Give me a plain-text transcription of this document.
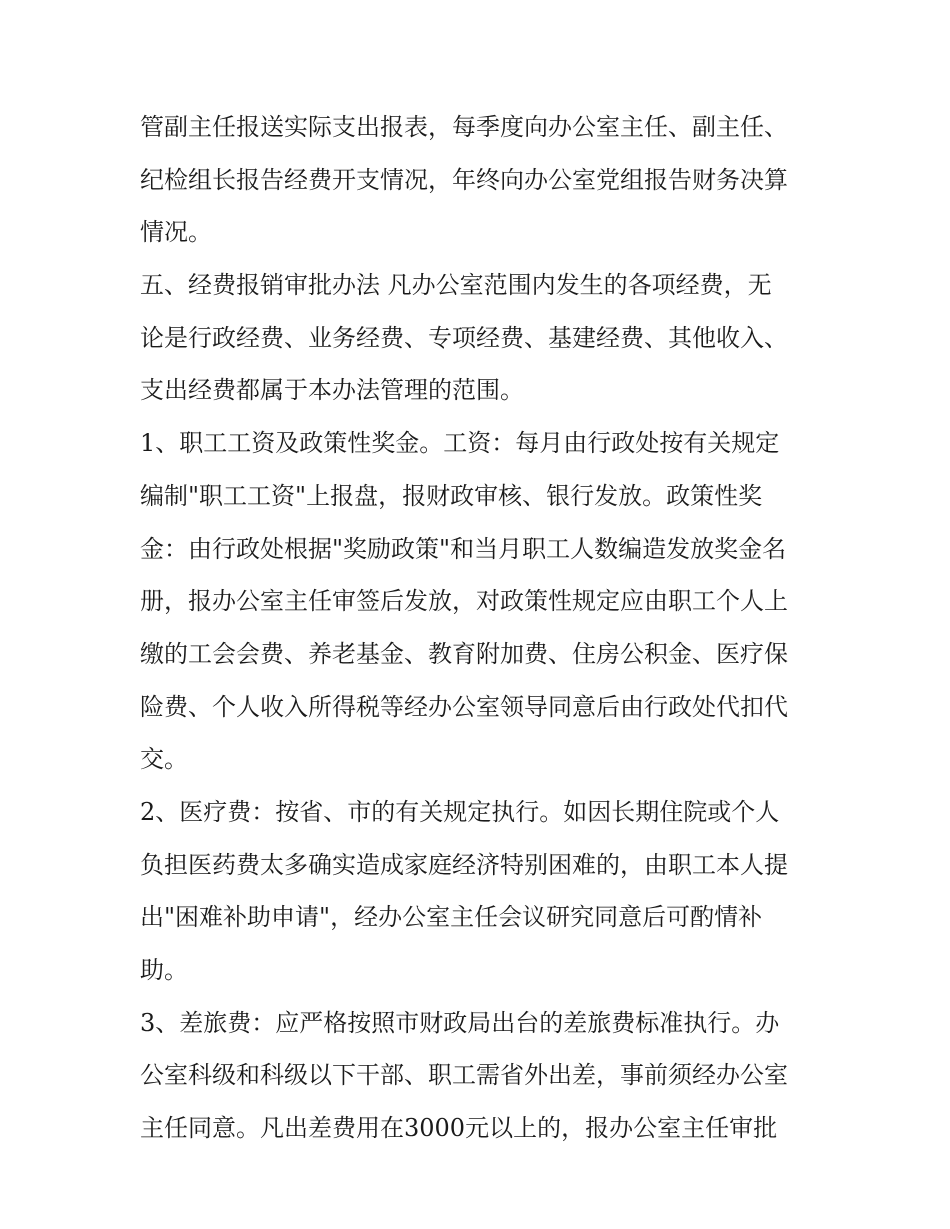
管副主任报送实际支出报表，每季度向办公室主任、副主任、
纪检组长报告经费开支情况，年终向办公室党组报告财务决算
情况。
五、经费报销审批办法 凡办公室范围内发生的各项经费，无
论是行政经费、业务经费、专项经费、基建经费、其他收入、
支出经费都属于本办法管理的范围。
1、职工工资及政策性奖金。工资：每月由行政处按有关规定
编制"职工工资"上报盘，报财政审核、银行发放。政策性奖
金：由行政处根据"奖励政策"和当月职工人数编造发放奖金名
册，报办公室主任审签后发放，对政策性规定应由职工个人上
缴的工会会费、养老基金、教育附加费、住房公积金、医疗保
险费、个人收入所得税等经办公室领导同意后由行政处代扣代
交。
2、医疗费：按省、市的有关规定执行。如因长期住院或个人
负担医药费太多确实造成家庭经济特别困难的，由职工本人提
出"困难补助申请"，经办公室主任会议研究同意后可酌情补
助。
3、差旅费：应严格按照市财政局出台的差旅费标准执行。办
公室科级和科级以下干部、职工需省外出差，事前须经办公室
主任同意。凡出差费用在3000元以上的，报办公室主任审批
